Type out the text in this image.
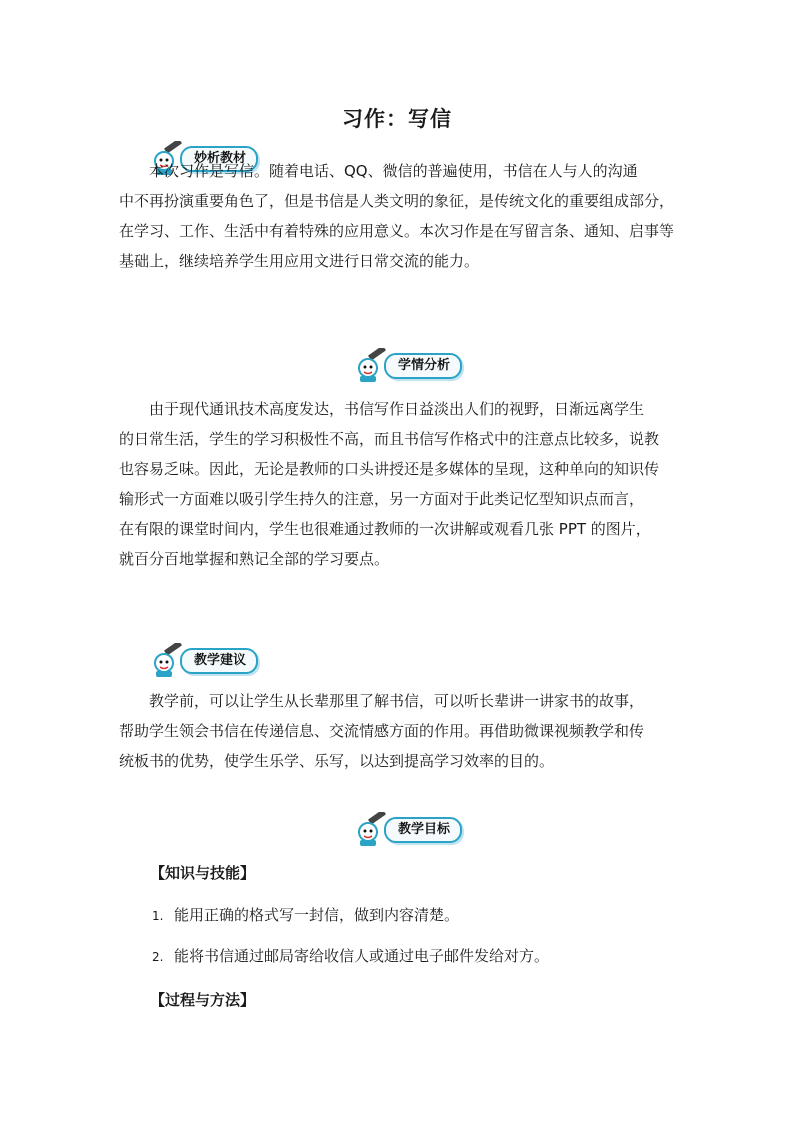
习作：写信
妙析教材

本次习作是写信。随着电话、QQ、微信的普遍使用，书信在人与人的沟通
中不再扮演重要角色了，但是书信是人类文明的象征，是传统文化的重要组成部分，
在学习、工作、生活中有着特殊的应用意义。本次习作是在写留言条、通知、启事等
基础上，继续培养学生用应用文进行日常交流的能力。

学情分析

由于现代通讯技术高度发达，书信写作日益淡出人们的视野，日渐远离学生
的日常生活，学生的学习积极性不高，而且书信写作格式中的注意点比较多，说教
也容易乏味。因此，无论是教师的口头讲授还是多媒体的呈现，这种单向的知识传
输形式一方面难以吸引学生持久的注意，另一方面对于此类记忆型知识点而言，
在有限的课堂时间内，学生也很难通过教师的一次讲解或观看几张 PPT 的图片，
就百分百地掌握和熟记全部的学习要点。

教学建议

教学前，可以让学生从长辈那里了解书信，可以听长辈讲一讲家书的故事，
帮助学生领会书信在传递信息、交流情感方面的作用。再借助微课视频教学和传
统板书的优势，使学生乐学、乐写，以达到提高学习效率的目的。

教学目标
【知识与技能】
1. 能用正确的格式写一封信，做到内容清楚。
2. 能将书信通过邮局寄给收信人或通过电子邮件发给对方。
【过程与方法】
